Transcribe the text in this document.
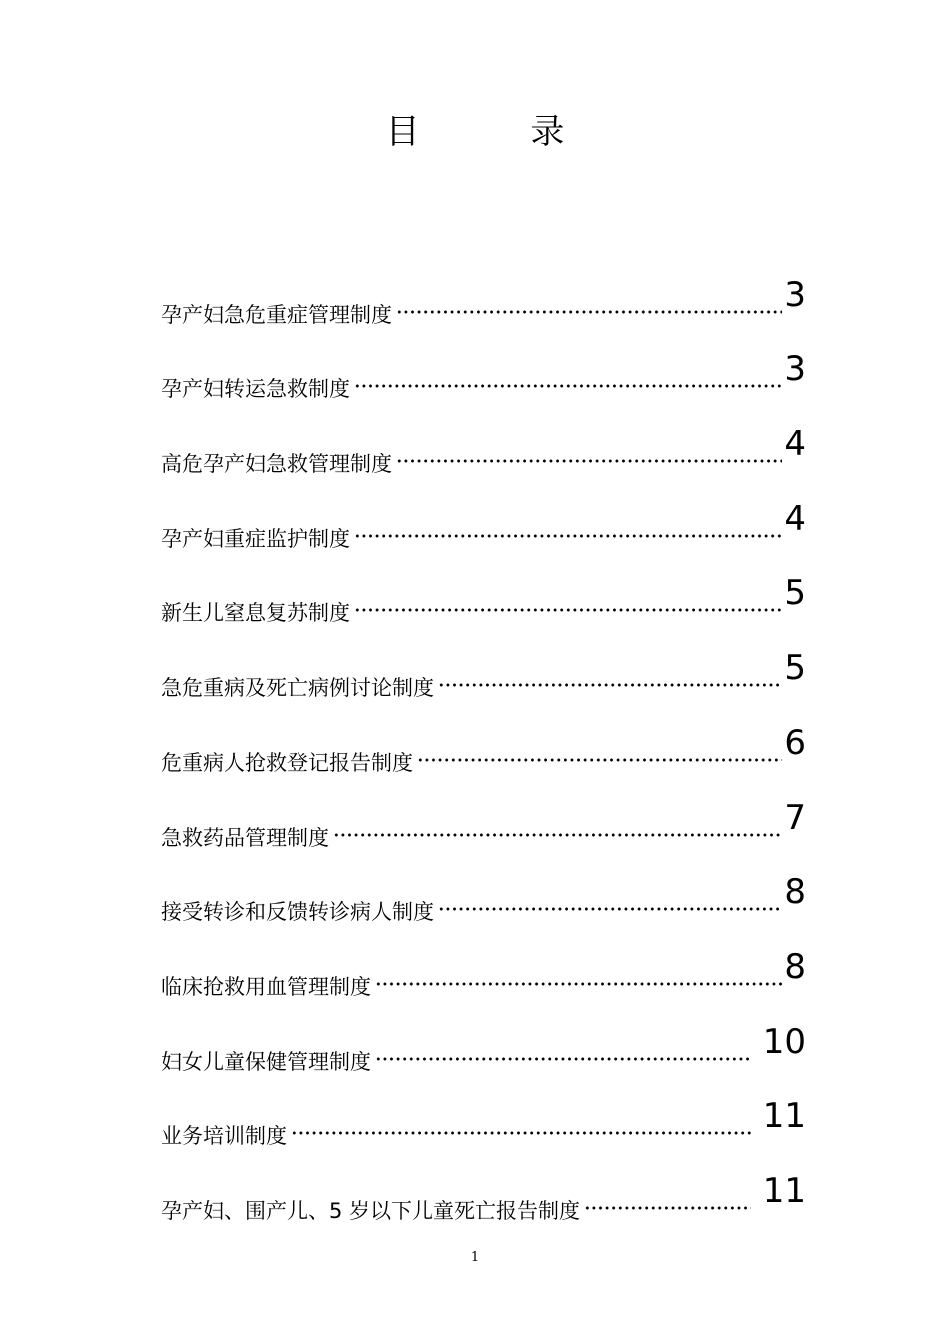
目 录
孕产妇急危重症管理制度	3
孕产妇转运急救制度	3
高危孕产妇急救管理制度	4
孕产妇重症监护制度	4
新生儿窒息复苏制度	5
急危重病及死亡病例讨论制度	5
危重病人抢救登记报告制度	6
急救药品管理制度	7
接受转诊和反馈转诊病人制度	8
临床抢救用血管理制度	8
妇女儿童保健管理制度	10
业务培训制度	11
孕产妇、围产儿、5 岁以下儿童死亡报告制度	11
1
